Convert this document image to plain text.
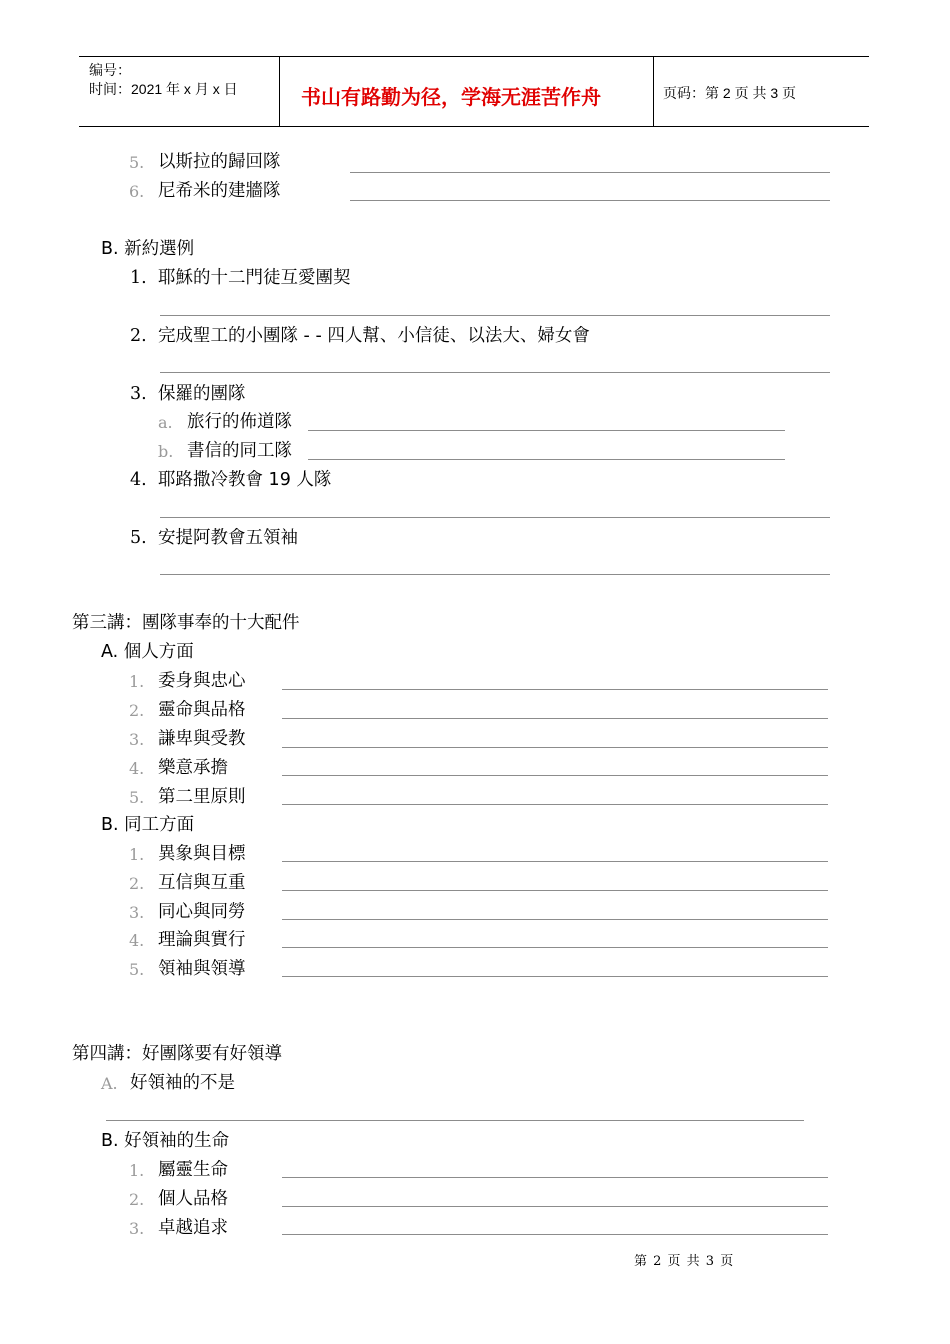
编号：
时间：2021 年 x 月 x 日	书山有路勤为径，学海无涯苦作舟	页码：第 2 页 共 3 页
5. 以斯拉的歸回隊
6. 尼希米的建牆隊
B. 新約選例
1. 耶穌的十二門徒互愛團契
2. 完成聖工的小團隊 - - 四人幫、小信徒、以法大、婦女會
3. 保羅的團隊
a. 旅行的佈道隊
b. 書信的同工隊
4. 耶路撒冷教會 19 人隊
5. 安提阿教會五領袖
第三講：團隊事奉的十大配件
A. 個人方面
1. 委身與忠心
2. 靈命與品格
3. 謙卑與受教
4. 樂意承擔
5. 第二里原則
B. 同工方面
1. 異象與目標
2. 互信與互重
3. 同心與同勞
4. 理論與實行
5. 領袖與領導
第四講：好團隊要有好領導
A. 好領袖的不是
B. 好領袖的生命
1. 屬靈生命
2. 個人品格
3. 卓越追求
第 2 页 共 3 页
